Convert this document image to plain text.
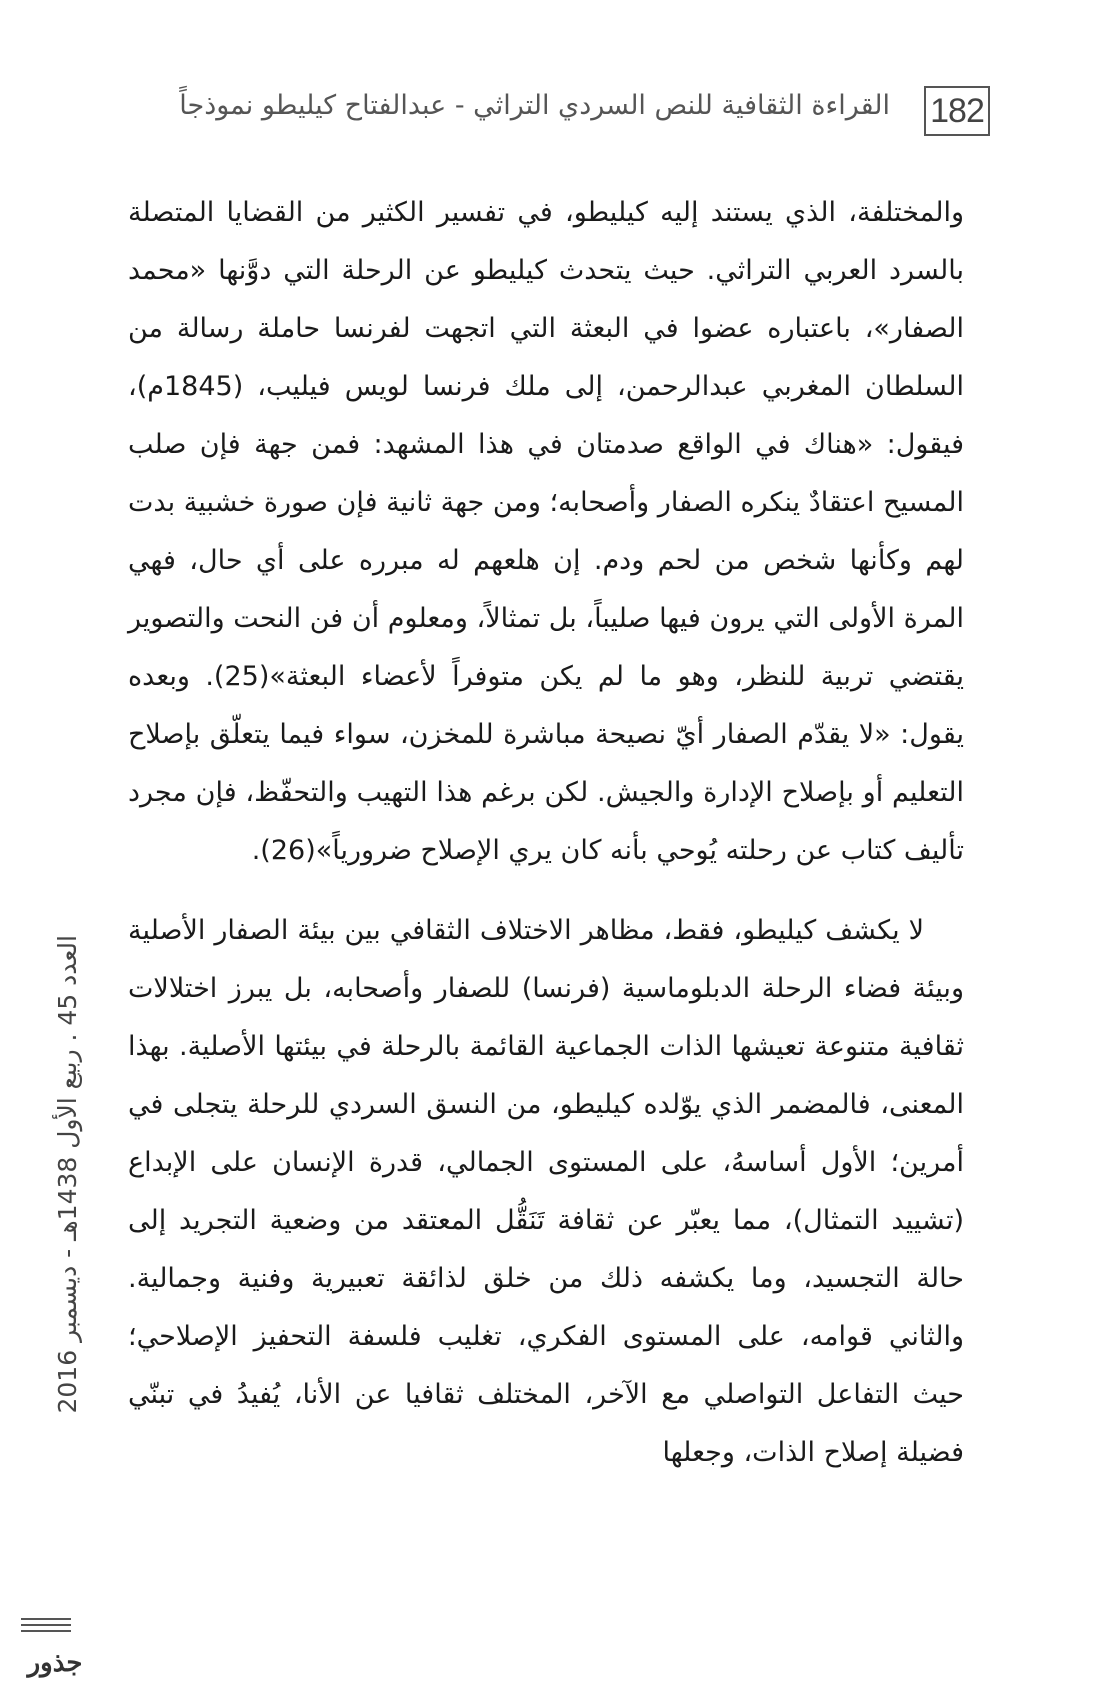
182
القراءة الثقافية للنص السردي التراثي - عبدالفتاح كيليطو نموذجاً

والمختلفة، الذي يستند إليه كيليطو، في تفسير الكثير من القضايا المتصلة بالسرد العربي التراثي. حيث يتحدث كيليطو عن الرحلة التي دوَّنها «محمد الصفار»، باعتباره عضوا في البعثة التي اتجهت لفرنسا حاملة رسالة من السلطان المغربي عبدالرحمن، إلى ملك فرنسا لويس فيليب، (1845م)، فيقول: «هناك في الواقع صدمتان في هذا المشهد: فمن جهة فإن صلب المسيح اعتقادٌ ينكره الصفار وأصحابه؛ ومن جهة ثانية فإن صورة خشبية بدت لهم وكأنها شخص من لحم ودم. إن هلعهم له مبرره على أي حال، فهي المرة الأولى التي يرون فيها صليباً، بل تمثالاً، ومعلوم أن فن النحت والتصوير يقتضي تربية للنظر، وهو ما لم يكن متوفراً لأعضاء البعثة»(25). وبعده يقول: «لا يقدّم الصفار أيّ نصيحة مباشرة للمخزن، سواء فيما يتعلّق بإصلاح التعليم أو بإصلاح الإدارة والجيش. لكن برغم هذا التهيب والتحفّظ، فإن مجرد تأليف كتاب عن رحلته يُوحي بأنه كان يري الإصلاح ضرورياً»(26).

لا يكشف كيليطو، فقط، مظاهر الاختلاف الثقافي بين بيئة الصفار الأصلية وبيئة فضاء الرحلة الدبلوماسية (فرنسا) للصفار وأصحابه، بل يبرز اختلالات ثقافية متنوعة تعيشها الذات الجماعية القائمة بالرحلة في بيئتها الأصلية. بهذا المعنى، فالمضمر الذي يوّلده كيليطو، من النسق السردي للرحلة يتجلى في أمرين؛ الأول أساسهُ، على المستوى الجمالي، قدرة الإنسان على الإبداع (تشييد التمثال)، مما يعبّر عن ثقافة تَنَقُّل المعتقد من وضعية التجريد إلى حالة التجسيد، وما يكشفه ذلك من خلق لذائقة تعبيرية وفنية وجمالية. والثاني قوامه، على المستوى الفكري، تغليب فلسفة التحفيز الإصلاحي؛ حيث التفاعل التواصلي مع الآخر، المختلف ثقافيا عن الأنا، يُفيدُ في تبنّي فضيلة إصلاح الذات، وجعلها

العدد 45 . ربيع الأول 1438هـ - ديسمبر 2016
جذور
